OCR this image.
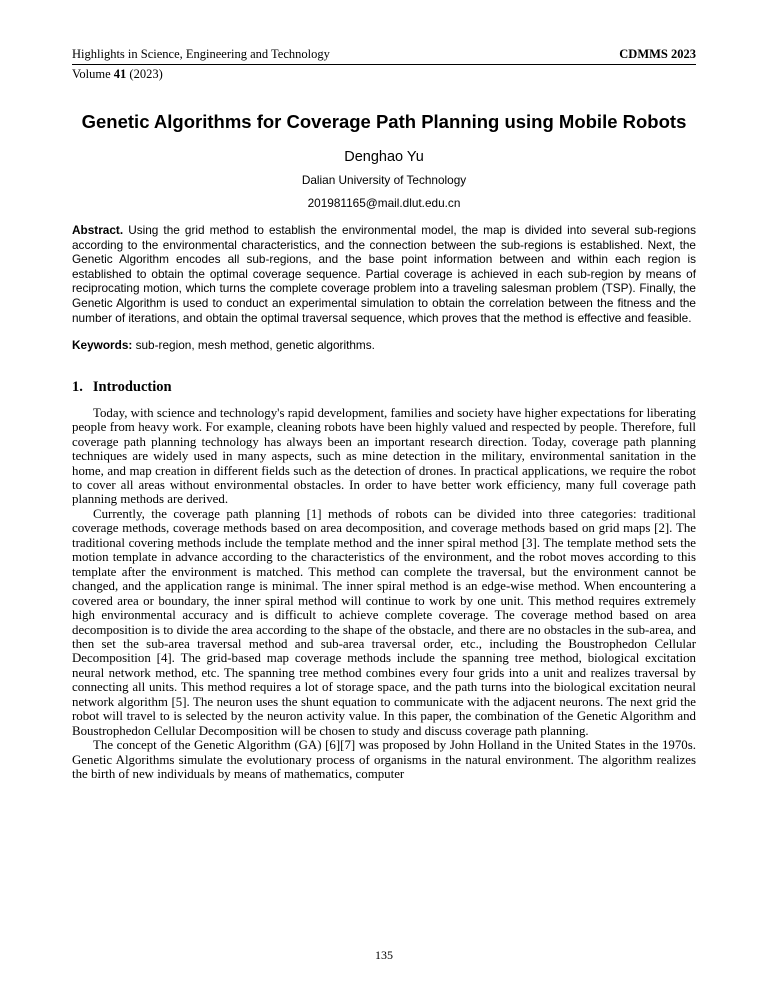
Highlights in Science, Engineering and Technology	CDMMS 2023
Volume 41 (2023)
Genetic Algorithms for Coverage Path Planning using Mobile Robots
Denghao Yu
Dalian University of Technology
201981165@mail.dlut.edu.cn

Abstract. Using the grid method to establish the environmental model, the map is divided into several sub-regions according to the environmental characteristics, and the connection between the sub-regions is established. Next, the Genetic Algorithm encodes all sub-regions, and the base point information between and within each region is established to obtain the optimal coverage sequence. Partial coverage is achieved in each sub-region by means of reciprocating motion, which turns the complete coverage problem into a traveling salesman problem (TSP). Finally, the Genetic Algorithm is used to conduct an experimental simulation to obtain the correlation between the fitness and the number of iterations, and obtain the optimal traversal sequence, which proves that the method is effective and feasible.

Keywords: sub-region, mesh method, genetic algorithms.

1. Introduction

Today, with science and technology's rapid development, families and society have higher expectations for liberating people from heavy work. For example, cleaning robots have been highly valued and respected by people. Therefore, full coverage path planning technology has always been an important research direction. Today, coverage path planning techniques are widely used in many aspects, such as mine detection in the military, environmental sanitation in the home, and map creation in different fields such as the detection of drones. In practical applications, we require the robot to cover all areas without environmental obstacles. In order to have better work efficiency, many full coverage path planning methods are derived.

Currently, the coverage path planning [1] methods of robots can be divided into three categories: traditional coverage methods, coverage methods based on area decomposition, and coverage methods based on grid maps [2]. The traditional covering methods include the template method and the inner spiral method [3]. The template method sets the motion template in advance according to the characteristics of the environment, and the robot moves according to this template after the environment is matched. This method can complete the traversal, but the environment cannot be changed, and the application range is minimal. The inner spiral method is an edge-wise method. When encountering a covered area or boundary, the inner spiral method will continue to work by one unit. This method requires extremely high environmental accuracy and is difficult to achieve complete coverage. The coverage method based on area decomposition is to divide the area according to the shape of the obstacle, and there are no obstacles in the sub-area, and then set the sub-area traversal method and sub-area traversal order, etc., including the Boustrophedon Cellular Decomposition [4]. The grid-based map coverage methods include the spanning tree method, biological excitation neural network method, etc. The spanning tree method combines every four grids into a unit and realizes traversal by connecting all units. This method requires a lot of storage space, and the path turns into the biological excitation neural network algorithm [5]. The neuron uses the shunt equation to communicate with the adjacent neurons. The next grid the robot will travel to is selected by the neuron activity value. In this paper, the combination of the Genetic Algorithm and Boustrophedon Cellular Decomposition will be chosen to study and discuss coverage path planning.

The concept of the Genetic Algorithm (GA) [6][7] was proposed by John Holland in the United States in the 1970s. Genetic Algorithms simulate the evolutionary process of organisms in the natural environment. The algorithm realizes the birth of new individuals by means of mathematics, computer

135
